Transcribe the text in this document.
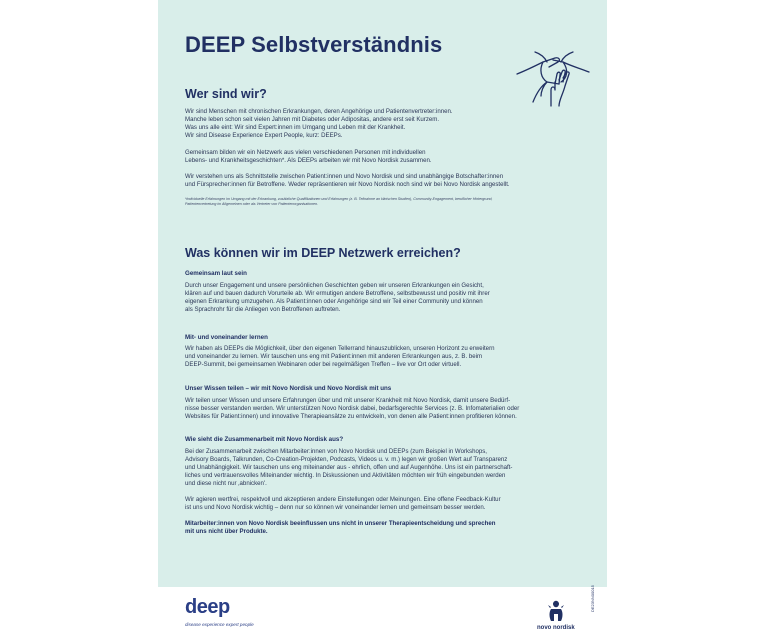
DEEP Selbstverständnis
Wer sind wir?

Wir sind Menschen mit chronischen Erkrankungen, deren Angehörige und Patientenvertreter:innen.
Manche leben schon seit vielen Jahren mit Diabetes oder Adipositas, andere erst seit Kurzem.
Was uns alle eint: Wir sind Expert:innen im Umgang und Leben mit der Krankheit.
Wir sind Disease Experience Expert People, kurz: DEEPs.

Gemeinsam bilden wir ein Netzwerk aus vielen verschiedenen Personen mit individuellen
Lebens- und Krankheitsgeschichten*. Als DEEPs arbeiten wir mit Novo Nordisk zusammen.

Wir verstehen uns als Schnittstelle zwischen Patient:innen und Novo Nordisk und sind unabhängige Botschafter:innen
und Fürsprecher:innen für Betroffene. Weder repräsentieren wir Novo Nordisk noch sind wir bei Novo Nordisk angestellt.

*Individuelle Erfahrungen im Umgang mit der Erkrankung, zusätzliche Qualifikationen und Erfahrungen (z. B. Teilnahme an klinischen Studien), Community-Engagement, beruflicher Hintergrund,
Patientenvertretung im Allgemeinen oder als Vertreter von Patientenorganisationen.

Was können wir im DEEP Netzwerk erreichen?

Gemeinsam laut sein

Durch unser Engagement und unsere persönlichen Geschichten geben wir unseren Erkrankungen ein Gesicht,
klären auf und bauen dadurch Vorurteile ab. Wir ermutigen andere Betroffene, selbstbewusst und positiv mit ihrer
eigenen Erkrankung umzugehen. Als Patient:innen oder Angehörige sind wir Teil einer Community und können
als Sprachrohr für die Anliegen von Betroffenen auftreten.

Mit- und voneinander lernen

Wir haben als DEEPs die Möglichkeit, über den eigenen Tellerrand hinauszublicken, unseren Horizont zu erweitern
und voneinander zu lernen. Wir tauschen uns eng mit Patient:innen mit anderen Erkrankungen aus, z. B. beim
DEEP-Summit, bei gemeinsamen Webinaren oder bei regelmäßigen Treffen – live vor Ort oder virtuell.

Unser Wissen teilen – wir mit Novo Nordisk und Novo Nordisk mit uns

Wir teilen unser Wissen und unsere Erfahrungen über und mit unserer Krankheit mit Novo Nordisk, damit unsere Bedürf-
nisse besser verstanden werden. Wir unterstützen Novo Nordisk dabei, bedarfsgerechte Services (z. B. Infomaterialien oder
Websites für Patient:innen) und innovative Therapieansätze zu entwickeln, von denen alle Patient:innen profitieren können.

Wie sieht die Zusammenarbeit mit Novo Nordisk aus?

Bei der Zusammenarbeit zwischen Mitarbeiter:innen von Novo Nordisk und DEEPs (zum Beispiel in Workshops,
Advisory Boards, Talkrunden, Co-Creation-Projekten, Podcasts, Videos u. v. m.) legen wir großen Wert auf Transparenz
und Unabhängigkeit. Wir tauschen uns eng miteinander aus - ehrlich, offen und auf Augenhöhe. Uns ist ein partnerschaft-
liches und vertrauensvolles Miteinander wichtig. In Diskussionen und Aktivitäten möchten wir früh eingebunden werden
und diese nicht nur ‚abnicken'.

Wir agieren wertfrei, respektvoll und akzeptieren andere Einstellungen oder Meinungen. Eine offene Feedback-Kultur
ist uns und Novo Nordisk wichtig – denn nur so können wir voneinander lernen und gemeinsam besser werden.

Mitarbeiter:innen von Novo Nordisk beeinflussen uns nicht in unserer Therapieentscheidung und sprechen
mit uns nicht über Produkte.

deep
disease experience expert people
novo nordisk
DE23NN00015
